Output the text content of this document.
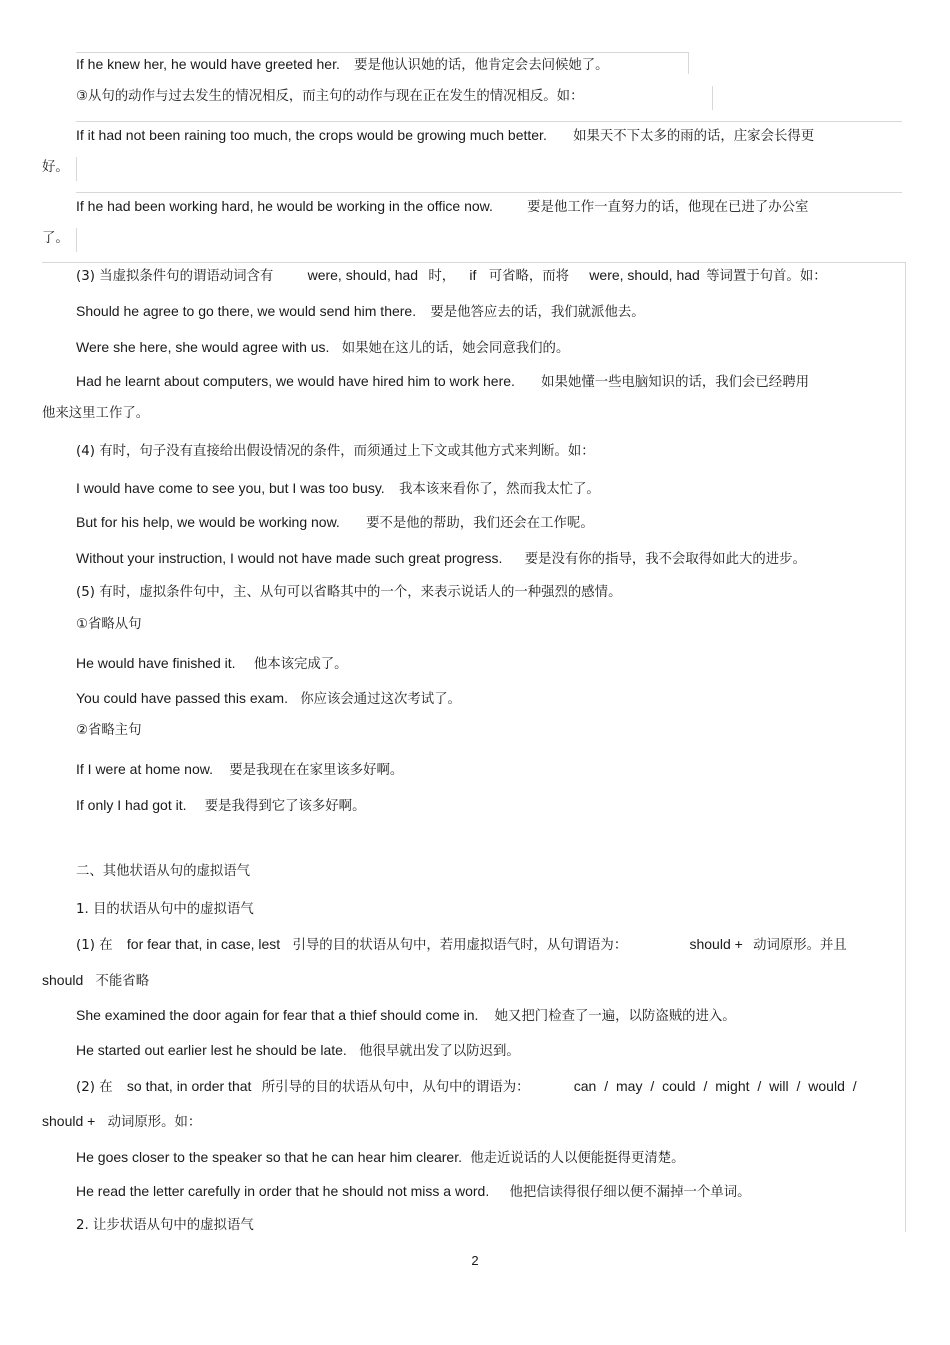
If he knew her, he would have greeted her. 要是他认识她的话，他肯定会去问候她了。
③从句的动作与过去发生的情况相反，而主句的动作与现在正在发生的情况相反。如：
If it had not been raining too much, the crops would be growing much better. 如果天不下太多的雨的话，庄家会长得更
好。
If he had been working hard, he would be working in the office now.	要是他工作一直努力的话，他现在已进了办公室
了。
(3) 当虚拟条件句的谓语动词含有 were, should, had 时， if 可省略，而将 were, should, had 等词置于句首。如：
Should he agree to go there, we would send him there. 要是他答应去的话，我们就派他去。
Were she here, she would agree with us. 如果她在这儿的话，她会同意我们的。
Had he learnt about computers, we would have hired him to work here. 如果她懂一些电脑知识的话，我们会已经聘用
他来这里工作了。
(4) 有时，句子没有直接给出假设情况的条件，而须通过上下文或其他方式来判断。如：
I would have come to see you, but I was too busy. 我本该来看你了，然而我太忙了。
But for his help, we would be working now. 要不是他的帮助，我们还会在工作呢。
Without your instruction, I would not have made such great progress. 要是没有你的指导，我不会取得如此大的进步。
(5) 有时，虚拟条件句中，主、从句可以省略其中的一个，来表示说话人的一种强烈的感情。
①省略从句
He would have finished it. 他本该完成了。
You could have passed this exam. 你应该会通过这次考试了。
②省略主句
If I were at home now. 要是我现在在家里该多好啊。
If only I had got it. 要是我得到它了该多好啊。
二、其他状语从句的虚拟语气
1. 目的状语从句中的虚拟语气
(1) 在 for fear that, in case, lest 引导的目的状语从句中，若用虚拟语气时，从句谓语为：	should + 动词原形。并且
should 不能省略
She examined the door again for fear that a thief should come in. 她又把门检查了一遍，以防盗贼的进入。
He started out earlier lest he should be late. 他很早就出发了以防迟到。
(2) 在 so that, in order that 所引导的目的状语从句中，从句中的谓语为：	can / may / could / might / will / would /
should + 动词原形。如：
He goes closer to the speaker so that he can hear him clearer. 他走近说话的人以便能挺得更清楚。
He read the letter carefully in order that he should not miss a word. 他把信读得很仔细以便不漏掉一个单词。
2. 让步状语从句中的虚拟语气
2
